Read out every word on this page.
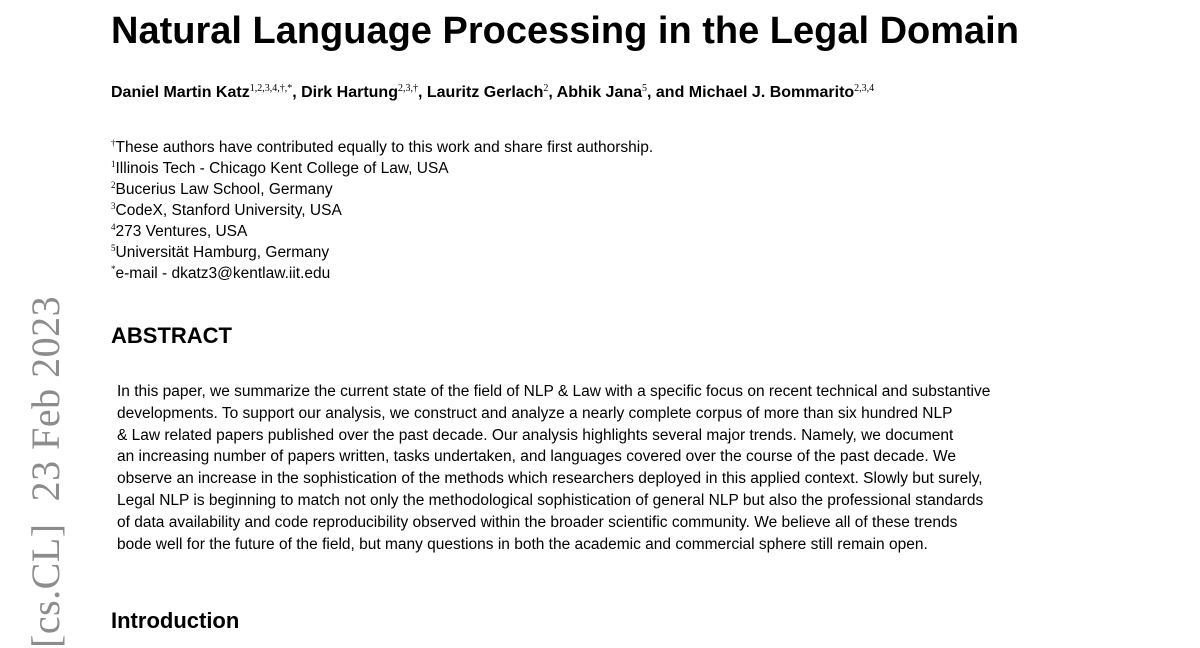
[cs.CL]23 Feb 2023
Natural Language Processing in the Legal Domain
Daniel Martin Katz$^{1,2,3,4,\dagger,*}$, Dirk Hartung$^{2,3,\dagger}$, Lauritz Gerlach$^2$, Abhik Jana$^5$, and Michael J. Bommarito$^{2,3,4}$
†These authors have contributed equally to this work and share first authorship.
$^1$Illinois Tech - Chicago Kent College of Law, USA
$^2$Bucerius Law School, Germany
$^3$CodeX, Stanford University, USA
$^4$273 Ventures, USA
$^5$Universität Hamburg, Germany
*e-mail - dkatz3@kentlaw.iit.edu
ABSTRACT

In this paper, we summarize the current state of the field of NLP & Law with a specific focus on recent technical and substantive
developments. To support our analysis, we construct and analyze a nearly complete corpus of more than six hundred NLP
& Law related papers published over the past decade. Our analysis highlights several major trends. Namely, we document
an increasing number of papers written, tasks undertaken, and languages covered over the course of the past decade. We
observe an increase in the sophistication of the methods which researchers deployed in this applied context. Slowly but surely,
Legal NLP is beginning to match not only the methodological sophistication of general NLP but also the professional standards
of data availability and code reproducibility observed within the broader scientific community. We believe all of these trends
bode well for the future of the field, but many questions in both the academic and commercial sphere still remain open.

Introduction
